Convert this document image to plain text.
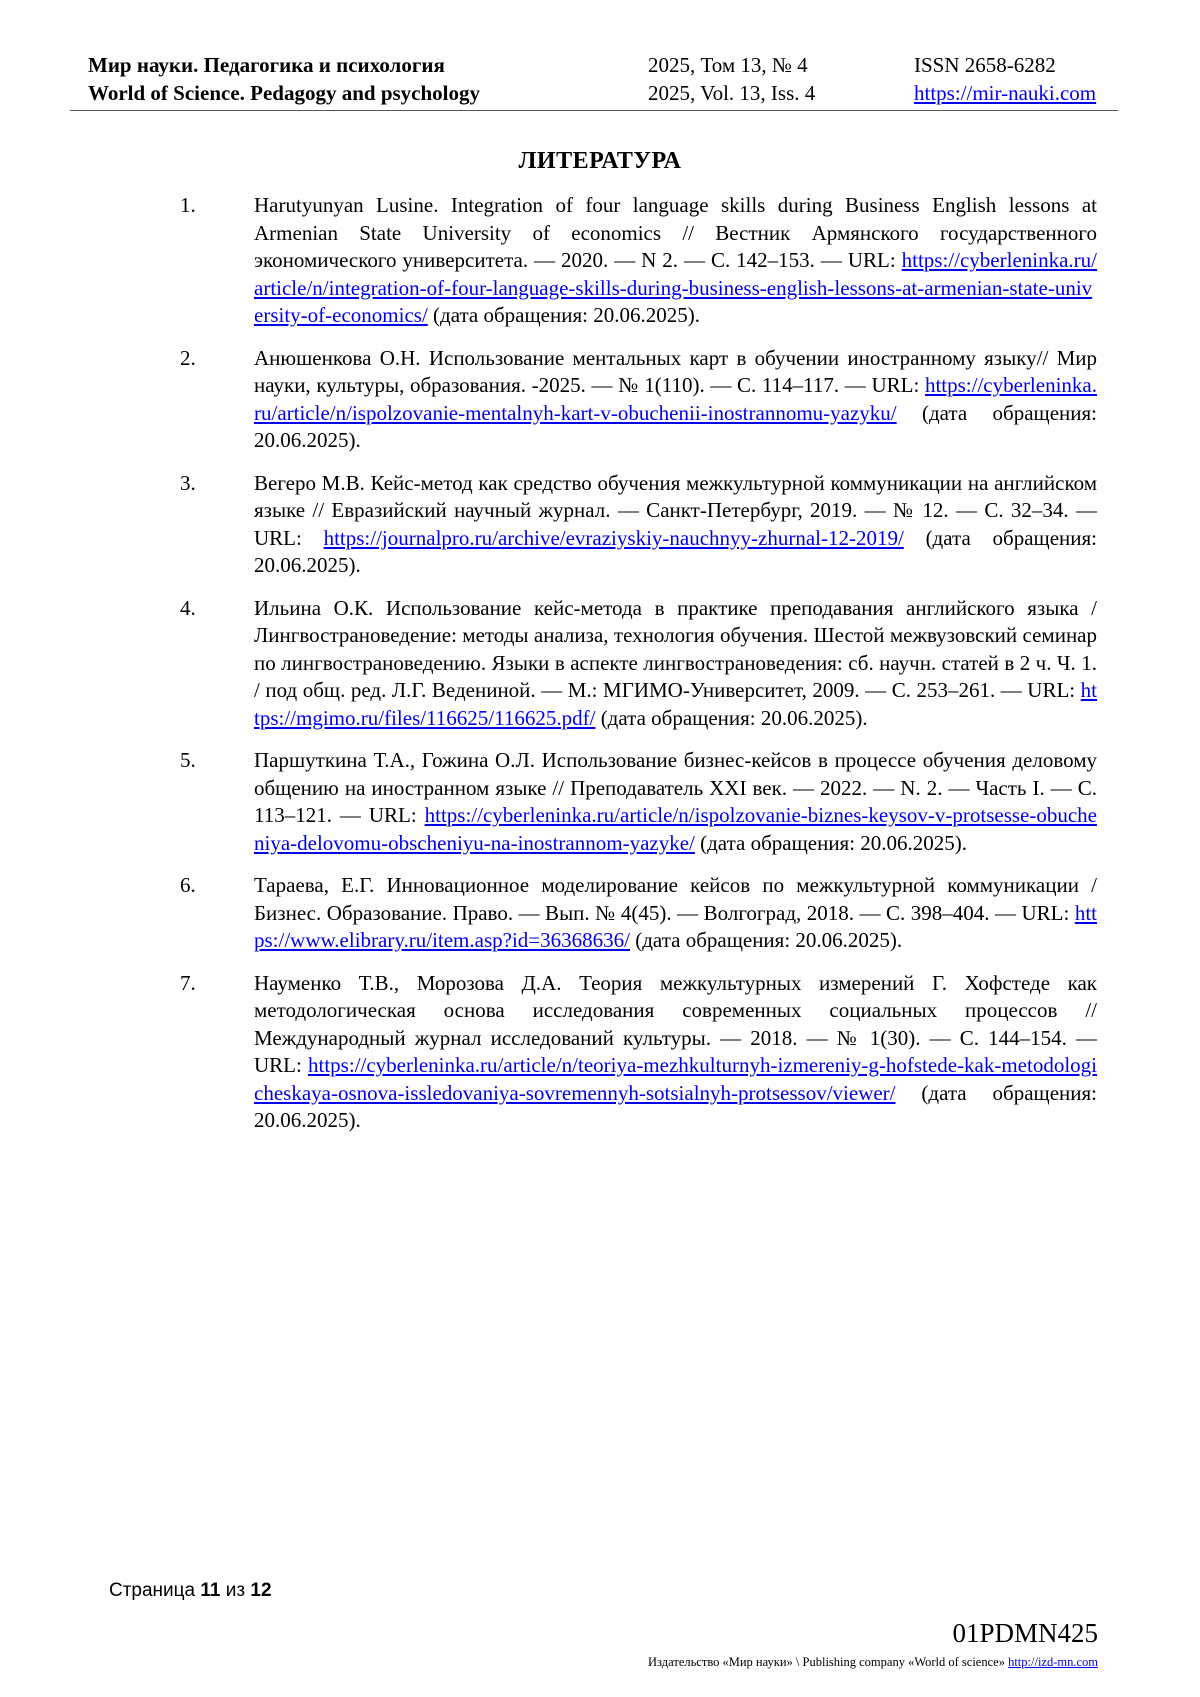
Мир науки. Педагогика и психология
World of Science. Pedagogy and psychology
2025, Том 13, № 4
2025, Vol. 13, Iss. 4
ISSN 2658-6282
https://mir-nauki.com
ЛИТЕРАТУРА
1.	Harutyunyan Lusine. Integration of four language skills during Business English lessons at Armenian State University of economics // Вестник Армянского государственного экономического университета. — 2020. — N 2. — С. 142–153. — URL: https://cyberleninka.ru/article/n/integration-of-four-language-skills-during-business-english-lessons-at-armenian-state-university-of-economics/ (дата обращения: 20.06.2025).
2.	Анюшенкова О.Н. Использование ментальных карт в обучении иностранному языку// Мир науки, культуры, образования. -2025. — № 1(110). — С. 114–117. — URL: https://cyberleninka.ru/article/n/ispolzovanie-mentalnyh-kart-v-obuchenii-inostrannomu-yazyku/ (дата обращения: 20.06.2025).
3.	Вегеро М.В. Кейс-метод как средство обучения межкультурной коммуникации на английском языке // Евразийский научный журнал. — Санкт-Петербург, 2019. — № 12. — С. 32–34. — URL: https://journalpro.ru/archive/evraziyskiy-nauchnyy-zhurnal-12-2019/ (дата обращения: 20.06.2025).
4.	Ильина О.К. Использование кейс-метода в практике преподавания английского языка / Лингвострановедение: методы анализа, технология обучения. Шестой межвузовский семинар по лингвострановедению. Языки в аспекте лингвострановедения: сб. научн. статей в 2 ч. Ч. 1. / под общ. ред. Л.Г. Ведениной. — М.: МГИМО-Университет, 2009. — С. 253–261. — URL: https://mgimo.ru/files/116625/116625.pdf/ (дата обращения: 20.06.2025).
5.	Паршуткина Т.А., Гожина О.Л. Использование бизнес-кейсов в процессе обучения деловому общению на иностранном языке // Преподаватель XXI век. — 2022. — N. 2. — Часть I. — С. 113–121. — URL: https://cyberleninka.ru/article/n/ispolzovanie-biznes-keysov-v-protsesse-obucheniya-delovomu-obscheniyu-na-inostrannom-yazyke/ (дата обращения: 20.06.2025).
6.	Тараева, Е.Г. Инновационное моделирование кейсов по межкультурной коммуникации / Бизнес. Образование. Право. — Вып. № 4(45). — Волгоград, 2018. — С. 398–404. — URL: https://www.elibrary.ru/item.asp?id=36368636/ (дата обращения: 20.06.2025).
7.	Науменко Т.В., Морозова Д.А. Теория межкультурных измерений Г. Хофстеде как методологическая основа исследования современных социальных процессов // Международный журнал исследований культуры. — 2018. — № 1(30). — С. 144–154. — URL: https://cyberleninka.ru/article/n/teoriya-mezhkulturnyh-izmereniy-g-hofstede-kak-metodologicheskaya-osnova-issledovaniya-sovremennyh-sotsialnyh-protsessov/viewer/ (дата обращения: 20.06.2025).
Страница 11 из 12
01PDMN425
Издательство «Мир науки» \ Publishing company «World of science» http://izd-mn.com
